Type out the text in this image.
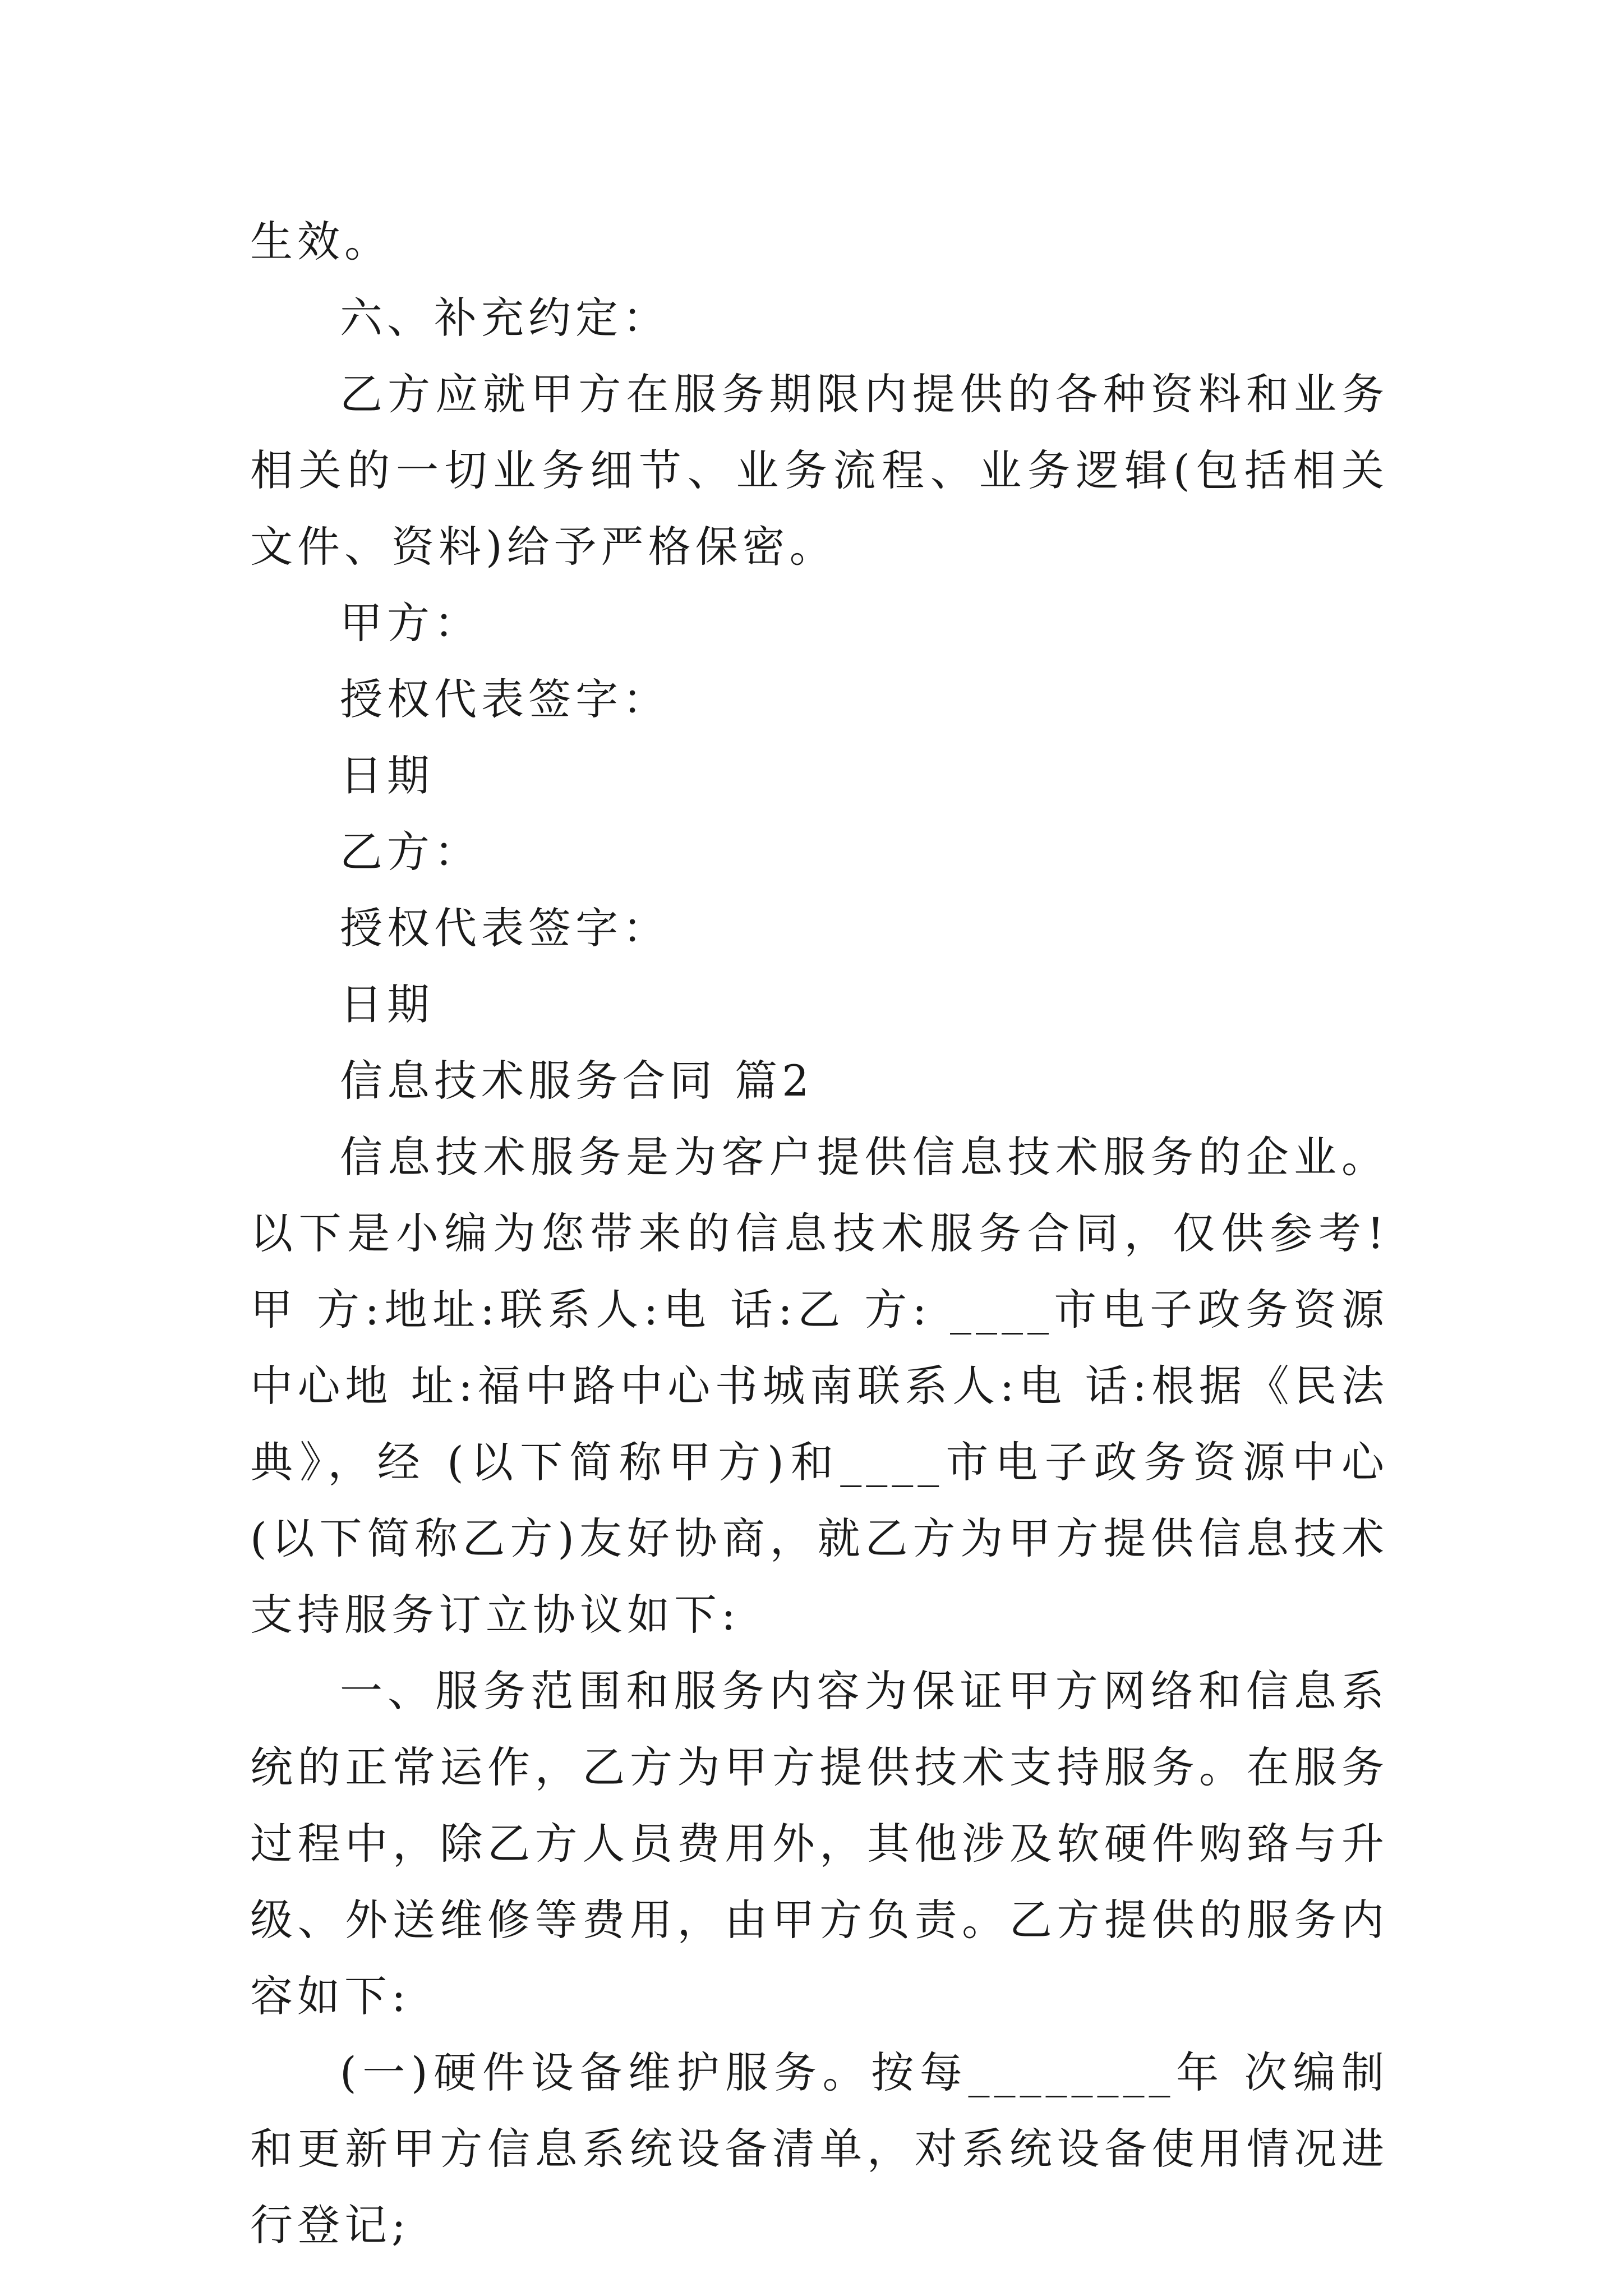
生效。

六、补充约定：

乙方应就甲方在服务期限内提供的各种资料和业务相关的一切业务细节、业务流程、业务逻辑(包括相关文件、资料)给予严格保密。

甲方：

授权代表签字：

日期

乙方：

授权代表签字：

日期

信息技术服务合同 篇2

信息技术服务是为客户提供信息技术服务的企业。以下是小编为您带来的信息技术服务合同，仅供参考!甲 方:地址:联系人:电 话:乙 方: ____市电子政务资源中心地 址:福中路中心书城南联系人:电 话:根据《民法典》，经 (以下简称甲方)和____市电子政务资源中心(以下简称乙方)友好协商，就乙方为甲方提供信息技术支持服务订立协议如下:

一、服务范围和服务内容为保证甲方网络和信息系统的正常运作，乙方为甲方提供技术支持服务。在服务过程中，除乙方人员费用外，其他涉及软硬件购臵与升级、外送维修等费用，由甲方负责。乙方提供的服务内容如下:

(一)硬件设备维护服务。按每________年 次编制和更新甲方信息系统设备清单，对系统设备使用情况进行登记;
